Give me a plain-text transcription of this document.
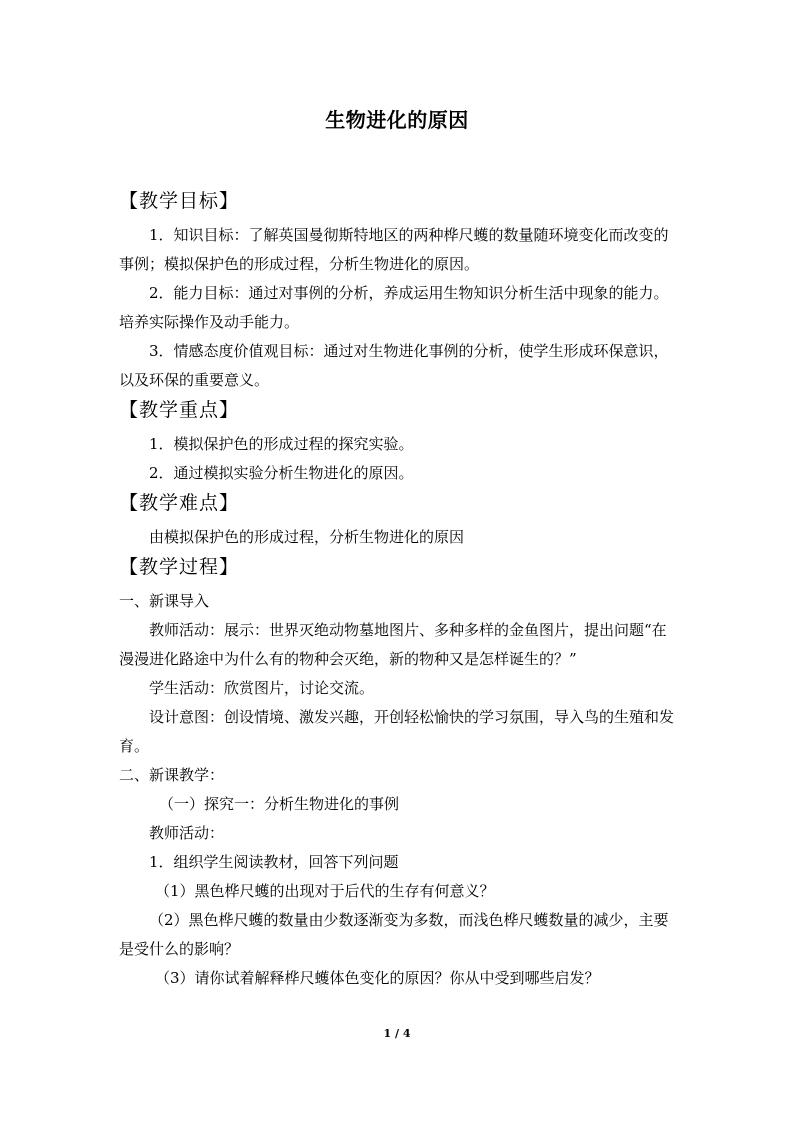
生物进化的原因
【教学目标】

1．知识目标：了解英国曼彻斯特地区的两种桦尺蠖的数量随环境变化而改变的事例；模拟保护色的形成过程，分析生物进化的原因。

2．能力目标：通过对事例的分析，养成运用生物知识分析生活中现象的能力。培养实际操作及动手能力。

3．情感态度价值观目标：通过对生物进化事例的分析，使学生形成环保意识，以及环保的重要意义。

【教学重点】

1．模拟保护色的形成过程的探究实验。

2．通过模拟实验分析生物进化的原因。

【教学难点】

由模拟保护色的形成过程，分析生物进化的原因

【教学过程】

一、新课导入

教师活动：展示：世界灭绝动物墓地图片、多种多样的金鱼图片，提出问题“在漫漫进化路途中为什么有的物种会灭绝，新的物种又是怎样诞生的？”

学生活动：欣赏图片，讨论交流。

设计意图：创设情境、激发兴趣，开创轻松愉快的学习氛围，导入鸟的生殖和发育。

二、新课教学：

（一）探究一：分析生物进化的事例

教师活动：

1．组织学生阅读教材，回答下列问题

（1）黑色桦尺蠖的出现对于后代的生存有何意义？

（2）黑色桦尺蠖的数量由少数逐渐变为多数，而浅色桦尺蠖数量的减少，主要是受什么的影响？

（3）请你试着解释桦尺蠖体色变化的原因？你从中受到哪些启发？

1 / 4
